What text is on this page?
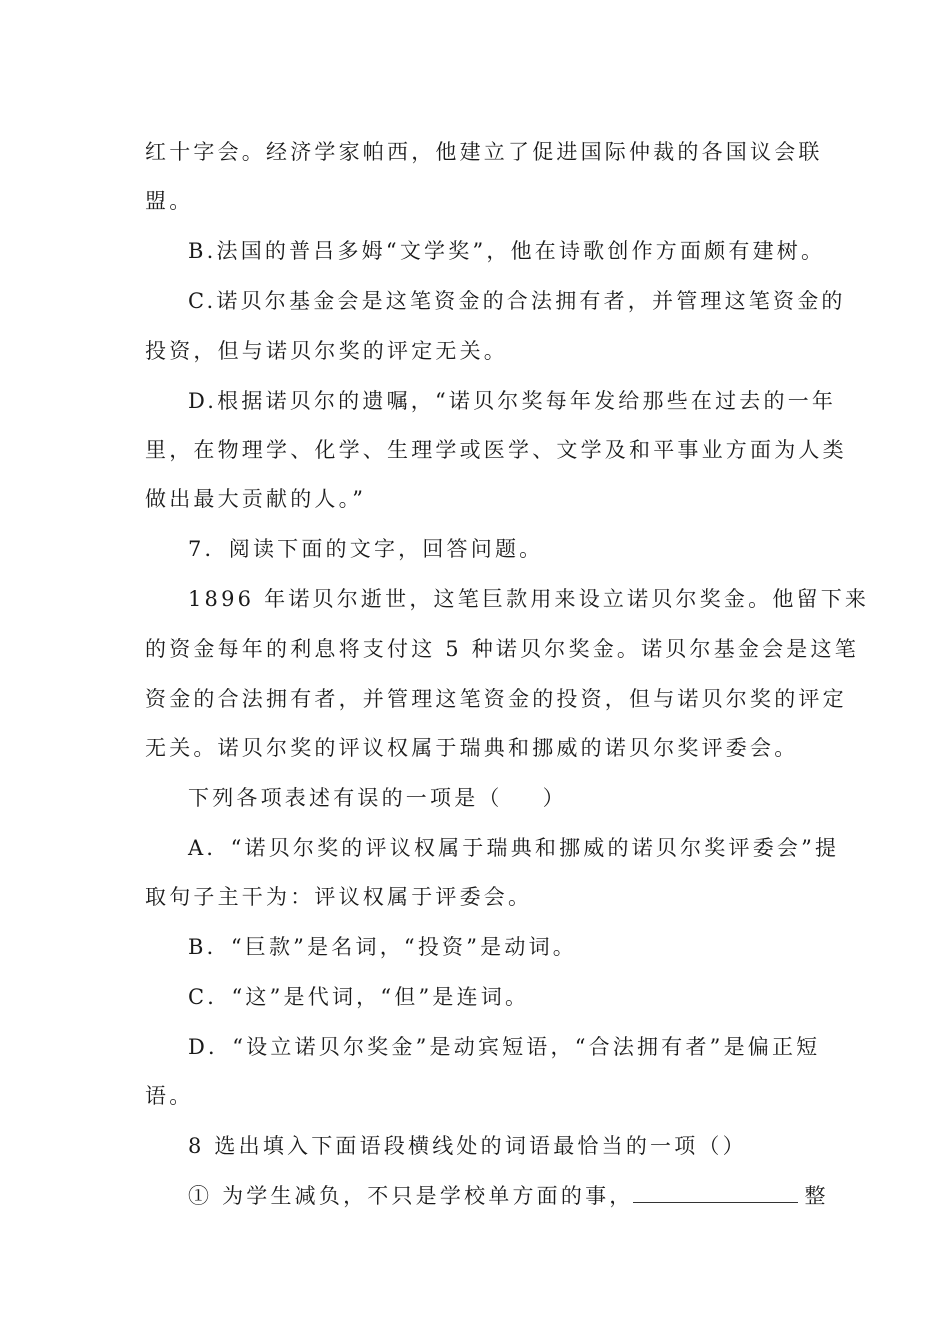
红十字会。经济学家帕西，他建立了促进国际仲裁的各国议会联
盟。
B.法国的普吕多姆“文学奖”，他在诗歌创作方面颇有建树。
C.诺贝尔基金会是这笔资金的合法拥有者，并管理这笔资金的
投资，但与诺贝尔奖的评定无关。
D.根据诺贝尔的遗嘱，“诺贝尔奖每年发给那些在过去的一年
里，在物理学、化学、生理学或医学、文学及和平事业方面为人类
做出最大贡献的人。”
7．阅读下面的文字，回答问题。
1896 年诺贝尔逝世，这笔巨款用来设立诺贝尔奖金。他留下来
的资金每年的利息将支付这 5 种诺贝尔奖金。诺贝尔基金会是这笔
资金的合法拥有者，并管理这笔资金的投资，但与诺贝尔奖的评定
无关。诺贝尔奖的评议权属于瑞典和挪威的诺贝尔奖评委会。
下列各项表述有误的一项是（ ）
A．“诺贝尔奖的评议权属于瑞典和挪威的诺贝尔奖评委会”提
取句子主干为：评议权属于评委会。
B．“巨款”是名词，“投资”是动词。
C．“这”是代词，“但”是连词。
D．“设立诺贝尔奖金”是动宾短语，“合法拥有者”是偏正短
语。
8 选出填入下面语段横线处的词语最恰当的一项（）
① 为学生减负，不只是学校单方面的事，	整
